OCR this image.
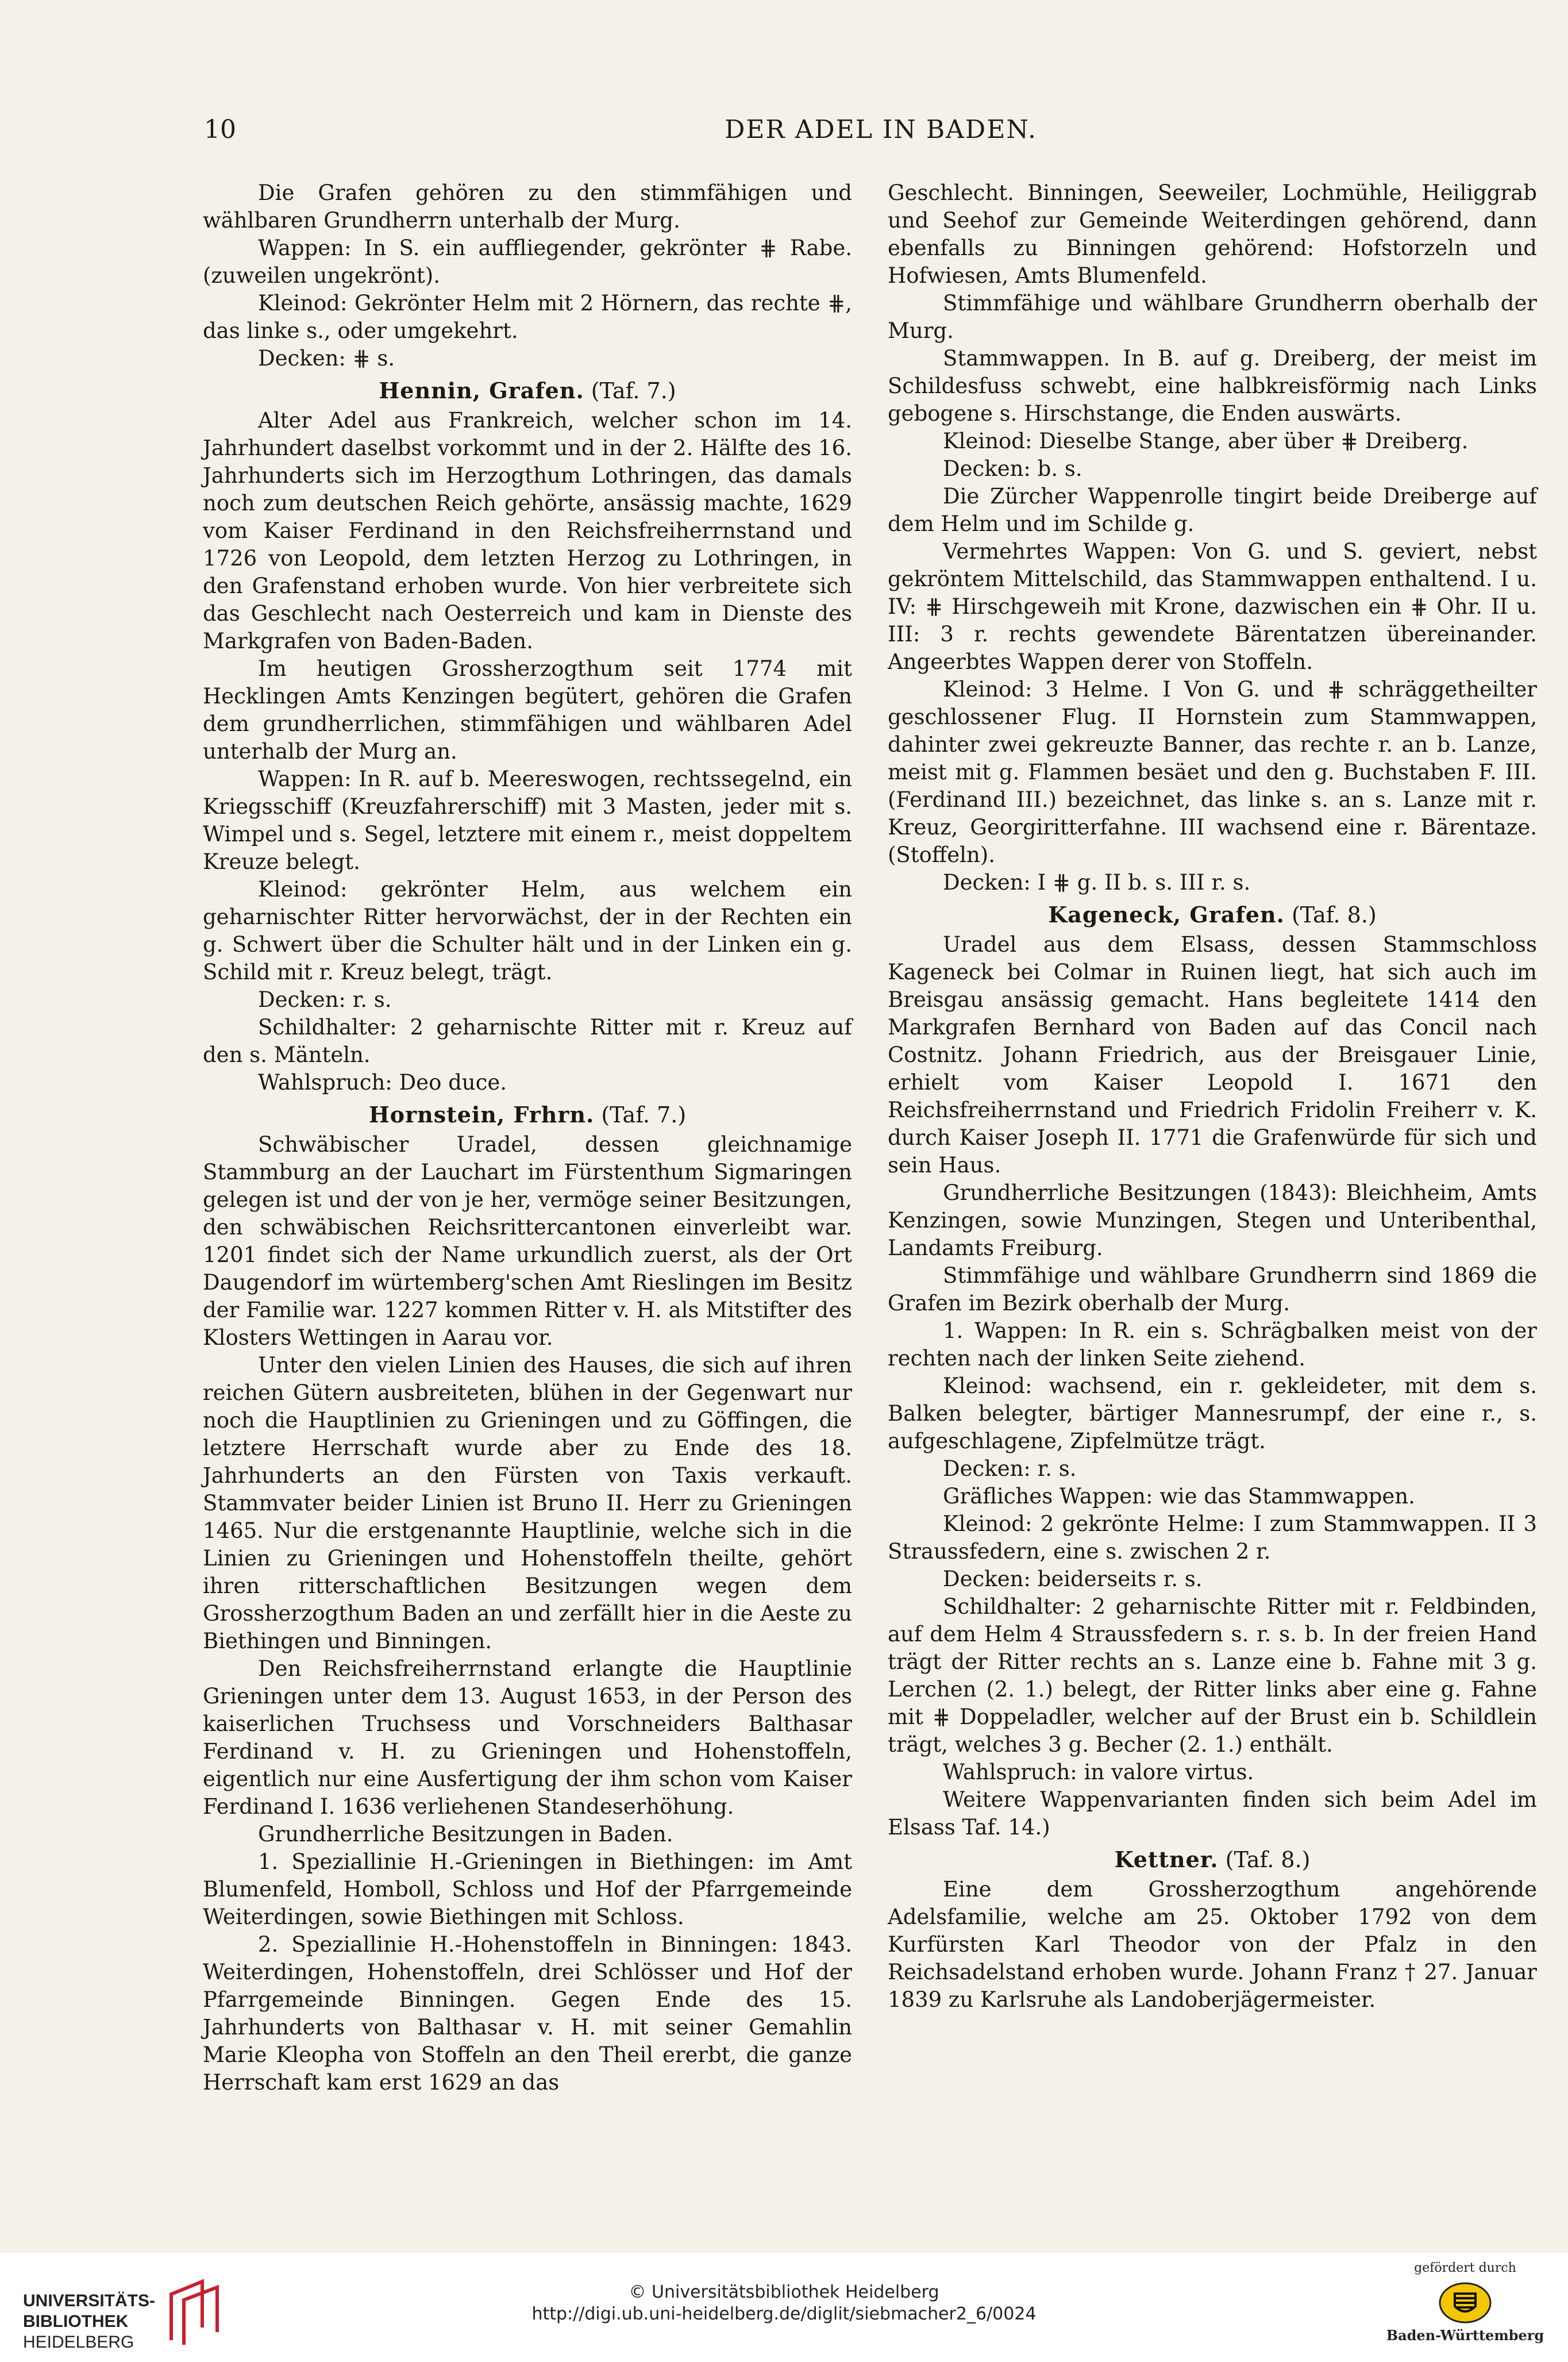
10	DER ADEL IN BADEN.

Die Grafen gehören zu den stimmfähigen und wählbaren Grundherrn unterhalb der Murg.

Wappen: In S. ein auffliegender, gekrönter ⋕ Rabe. (zuweilen ungekrönt).

Kleinod: Gekrönter Helm mit 2 Hörnern, das rechte ⋕, das linke s., oder umgekehrt.

Decken: ⋕ s.

Hennin, Grafen. (Taf. 7.)

Alter Adel aus Frankreich, welcher schon im 14. Jahrhundert daselbst vorkommt und in der 2. Hälfte des 16. Jahrhunderts sich im Herzogthum Lothringen, das damals noch zum deutschen Reich gehörte, ansässig machte, 1629 vom Kaiser Ferdinand in den Reichsfreiherrnstand und 1726 von Leopold, dem letzten Herzog zu Lothringen, in den Grafenstand erhoben wurde. Von hier verbreitete sich das Geschlecht nach Oesterreich und kam in Dienste des Markgrafen von Baden-Baden.

Im heutigen Grossherzogthum seit 1774 mit Hecklingen Amts Kenzingen begütert, gehören die Grafen dem grundherrlichen, stimmfähigen und wählbaren Adel unterhalb der Murg an.

Wappen: In R. auf b. Meereswogen, rechtssegelnd, ein Kriegsschiff (Kreuzfahrerschiff) mit 3 Masten, jeder mit s. Wimpel und s. Segel, letztere mit einem r., meist doppeltem Kreuze belegt.

Kleinod: gekrönter Helm, aus welchem ein geharnischter Ritter hervorwächst, der in der Rechten ein g. Schwert über die Schulter hält und in der Linken ein g. Schild mit r. Kreuz belegt, trägt.

Decken: r. s.

Schildhalter: 2 geharnischte Ritter mit r. Kreuz auf den s. Mänteln.

Wahlspruch: Deo duce.

Hornstein, Frhrn. (Taf. 7.)

Schwäbischer Uradel, dessen gleichnamige Stammburg an der Lauchart im Fürstenthum Sigmaringen gelegen ist und der von je her, vermöge seiner Besitzungen, den schwäbischen Reichsrittercantonen einverleibt war. 1201 findet sich der Name urkundlich zuerst, als der Ort Daugendorf im würtemberg'schen Amt Rieslingen im Besitz der Familie war. 1227 kommen Ritter v. H. als Mitstifter des Klosters Wettingen in Aarau vor.

Unter den vielen Linien des Hauses, die sich auf ihren reichen Gütern ausbreiteten, blühen in der Gegenwart nur noch die Hauptlinien zu Grieningen und zu Göffingen, die letztere Herrschaft wurde aber zu Ende des 18. Jahrhunderts an den Fürsten von Taxis verkauft. Stammvater beider Linien ist Bruno II. Herr zu Grieningen 1465. Nur die erstgenannte Hauptlinie, welche sich in die Linien zu Grieningen und Hohenstoffeln theilte, gehört ihren ritterschaftlichen Besitzungen wegen dem Grossherzogthum Baden an und zerfällt hier in die Aeste zu Biethingen und Binningen.

Den Reichsfreiherrnstand erlangte die Hauptlinie Grieningen unter dem 13. August 1653, in der Person des kaiserlichen Truchsess und Vorschneiders Balthasar Ferdinand v. H. zu Grieningen und Hohenstoffeln, eigentlich nur eine Ausfertigung der ihm schon vom Kaiser Ferdinand I. 1636 verliehenen Standeserhöhung.

Grundherrliche Besitzungen in Baden.

1. Speziallinie H.-Grieningen in Biethingen: im Amt Blumenfeld, Homboll, Schloss und Hof der Pfarrgemeinde Weiterdingen, sowie Biethingen mit Schloss.

2. Speziallinie H.-Hohenstoffeln in Binningen: 1843. Weiterdingen, Hohenstoffeln, drei Schlösser und Hof der Pfarrgemeinde Binningen. Gegen Ende des 15. Jahrhunderts von Balthasar v. H. mit seiner Gemahlin Marie Kleopha von Stoffeln an den Theil ererbt, die ganze Herrschaft kam erst 1629 an das

Geschlecht. Binningen, Seeweiler, Lochmühle, Heiliggrab und Seehof zur Gemeinde Weiterdingen gehörend, dann ebenfalls zu Binningen gehörend: Hofstorzeln und Hofwiesen, Amts Blumenfeld.

Stimmfähige und wählbare Grundherrn oberhalb der Murg.

Stammwappen. In B. auf g. Dreiberg, der meist im Schildesfuss schwebt, eine halbkreisförmig nach Links gebogene s. Hirschstange, die Enden auswärts.

Kleinod: Dieselbe Stange, aber über ⋕ Dreiberg.

Decken: b. s.

Die Zürcher Wappenrolle tingirt beide Dreiberge auf dem Helm und im Schilde g.

Vermehrtes Wappen: Von G. und S. geviert, nebst gekröntem Mittelschild, das Stammwappen enthaltend. I u. IV: ⋕ Hirschgeweih mit Krone, dazwischen ein ⋕ Ohr. II u. III: 3 r. rechts gewendete Bärentatzen übereinander. Angeerbtes Wappen derer von Stoffeln.

Kleinod: 3 Helme. I Von G. und ⋕ schräggetheilter geschlossener Flug. II Hornstein zum Stammwappen, dahinter zwei gekreuzte Banner, das rechte r. an b. Lanze, meist mit g. Flammen besäet und den g. Buchstaben F. III. (Ferdinand III.) bezeichnet, das linke s. an s. Lanze mit r. Kreuz, Georgiritterfahne. III wachsend eine r. Bärentaze. (Stoffeln).

Decken: I ⋕ g. II b. s. III r. s.

Kageneck, Grafen. (Taf. 8.)

Uradel aus dem Elsass, dessen Stammschloss Kageneck bei Colmar in Ruinen liegt, hat sich auch im Breisgau ansässig gemacht. Hans begleitete 1414 den Markgrafen Bernhard von Baden auf das Concil nach Costnitz. Johann Friedrich, aus der Breisgauer Linie, erhielt vom Kaiser Leopold I. 1671 den Reichsfreiherrnstand und Friedrich Fridolin Freiherr v. K. durch Kaiser Joseph II. 1771 die Grafenwürde für sich und sein Haus.

Grundherrliche Besitzungen (1843): Bleichheim, Amts Kenzingen, sowie Munzingen, Stegen und Unteribenthal, Landamts Freiburg.

Stimmfähige und wählbare Grundherrn sind 1869 die Grafen im Bezirk oberhalb der Murg.

1. Wappen: In R. ein s. Schrägbalken meist von der rechten nach der linken Seite ziehend.

Kleinod: wachsend, ein r. gekleideter, mit dem s. Balken belegter, bärtiger Mannesrumpf, der eine r., s. aufgeschlagene, Zipfelmütze trägt.

Decken: r. s.

Gräfliches Wappen: wie das Stammwappen.

Kleinod: 2 gekrönte Helme: I zum Stammwappen. II 3 Straussfedern, eine s. zwischen 2 r.

Decken: beiderseits r. s.

Schildhalter: 2 geharnischte Ritter mit r. Feldbinden, auf dem Helm 4 Straussfedern s. r. s. b. In der freien Hand trägt der Ritter rechts an s. Lanze eine b. Fahne mit 3 g. Lerchen (2. 1.) belegt, der Ritter links aber eine g. Fahne mit ⋕ Doppeladler, welcher auf der Brust ein b. Schildlein trägt, welches 3 g. Becher (2. 1.) enthält.

Wahlspruch: in valore virtus.

Weitere Wappenvarianten finden sich beim Adel im Elsass Taf. 14.)

Kettner. (Taf. 8.)

Eine dem Grossherzogthum angehörende Adelsfamilie, welche am 25. Oktober 1792 von dem Kurfürsten Karl Theodor von der Pfalz in den Reichsadelstand erhoben wurde. Johann Franz † 27. Januar 1839 zu Karlsruhe als Landoberjägermeister.

UNIVERSITÄTS-
BIBLIOTHEK
HEIDELBERG
© Universitätsbibliothek Heidelberg
http://digi.ub.uni-heidelberg.de/diglit/siebmacher2_6/0024
gefördert durch
Baden-Württemberg
